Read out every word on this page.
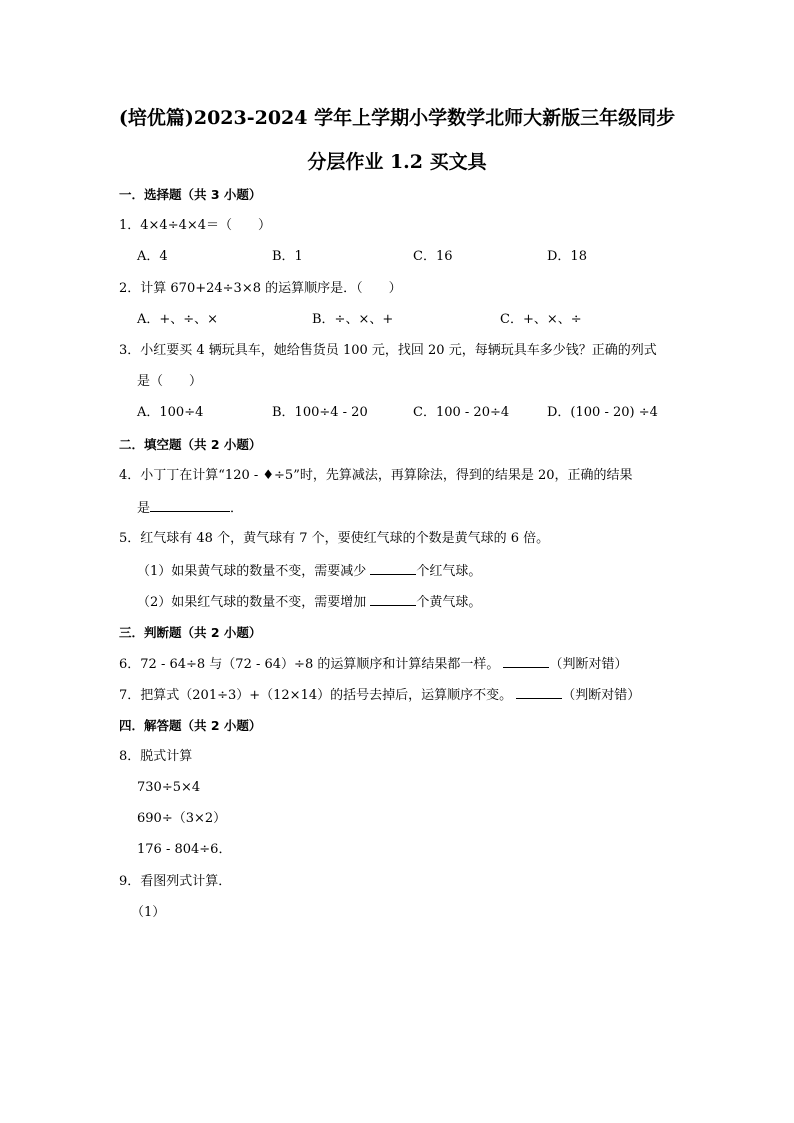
(培优篇)2023-2024 学年上学期小学数学北师大新版三年级同步
分层作业 1.2 买文具
一．选择题（共 3 小题）
1．4×4÷4×4＝（　　）
A．4	B．1	C．16	D．18
2．计算 670+24÷3×8 的运算顺序是．（　　）
A．+、÷、×	B．÷、×、+	C．+、×、÷
3．小红要买 4 辆玩具车，她给售货员 100 元，找回 20 元，每辆玩具车多少钱？正确的列式
是（　　）
A．100÷4	B．100÷4 - 20	C．100 - 20÷4	D．(100 - 20) ÷4
二．填空题（共 2 小题）
4．小丁丁在计算“120 - ♦÷5”时，先算减法，再算除法，得到的结果是 20，正确的结果
是	．
5．红气球有 48 个，黄气球有 7 个，要使红气球的个数是黄气球的 6 倍。
（1）如果黄气球的数量不变，需要减少	个红气球。
（2）如果红气球的数量不变，需要增加	个黄气球。
三．判断题（共 2 小题）
6．72 - 64÷8 与（72 - 64）÷8 的运算顺序和计算结果都一样。	（判断对错）
7．把算式（201÷3）+（12×14）的括号去掉后，运算顺序不变。	（判断对错）
四．解答题（共 2 小题）
8．脱式计算
730÷5×4
690÷（3×2）
176 - 804÷6．
9．看图列式计算．
（1）
